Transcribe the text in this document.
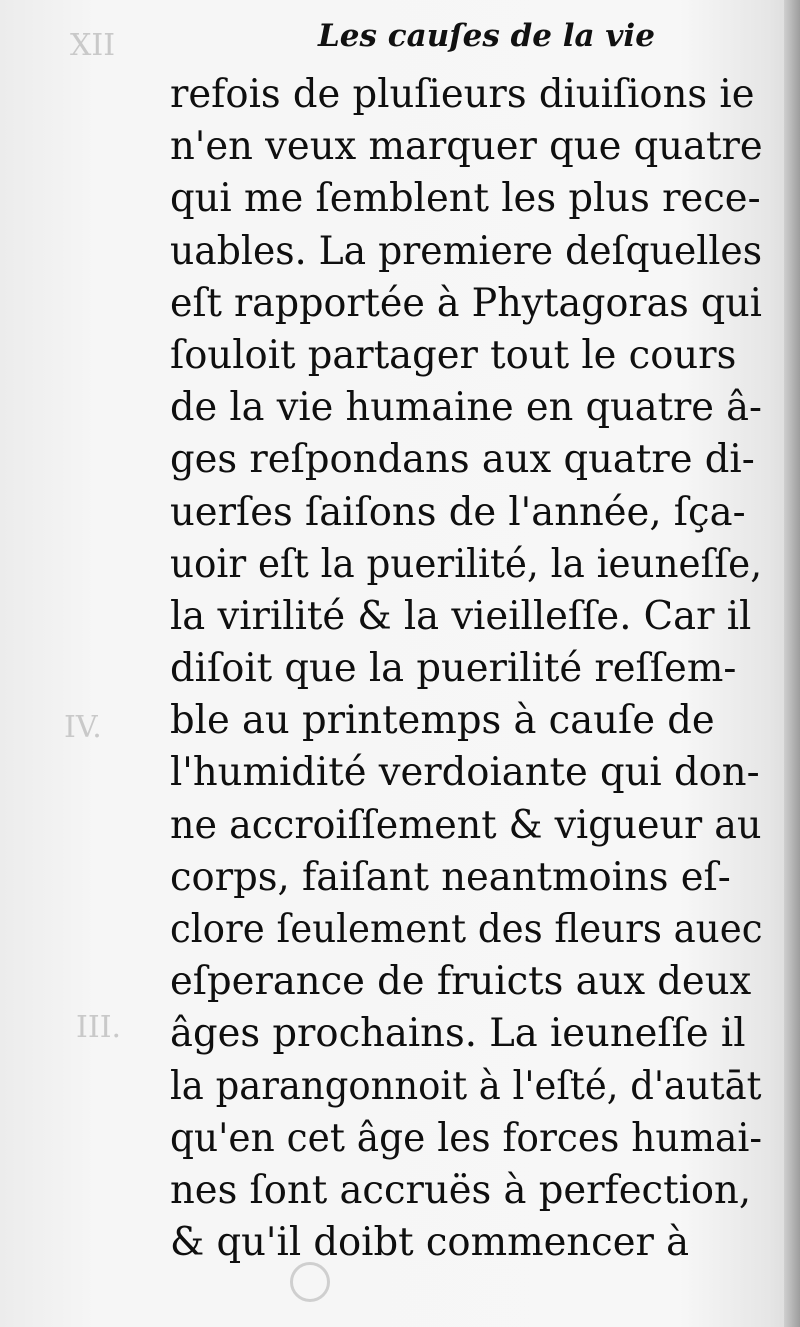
XII
IV.
III.
Les cauſes de la vie
refois de pluſieurs diuiſions ie
n'en veux marquer que quatre
qui me ſemblent les plus rece-
uables. La premiere deſquelles
eſt rapportée à Phytagoras qui
ſouloit partager tout le cours
de la vie humaine en quatre â-
ges reſpondans aux quatre di-
uerſes ſaiſons de l'année, ſça-
uoir eſt la puerilité, la ieuneſſe,
la virilité & la vieilleſſe. Car il
diſoit que la puerilité reſſem-
ble au printemps à cauſe de
l'humidité verdoiante qui don-
ne accroiſſement & vigueur au
corps, faiſant neantmoins eſ-
clore ſeulement des fleurs auec
eſperance de fruicts aux deux
âges prochains. La ieuneſſe il
la parangonnoit à l'eſté, d'autāt
qu'en cet âge les forces humai-
nes ſont accruës à perfection,
& qu'il doibt commencer à
